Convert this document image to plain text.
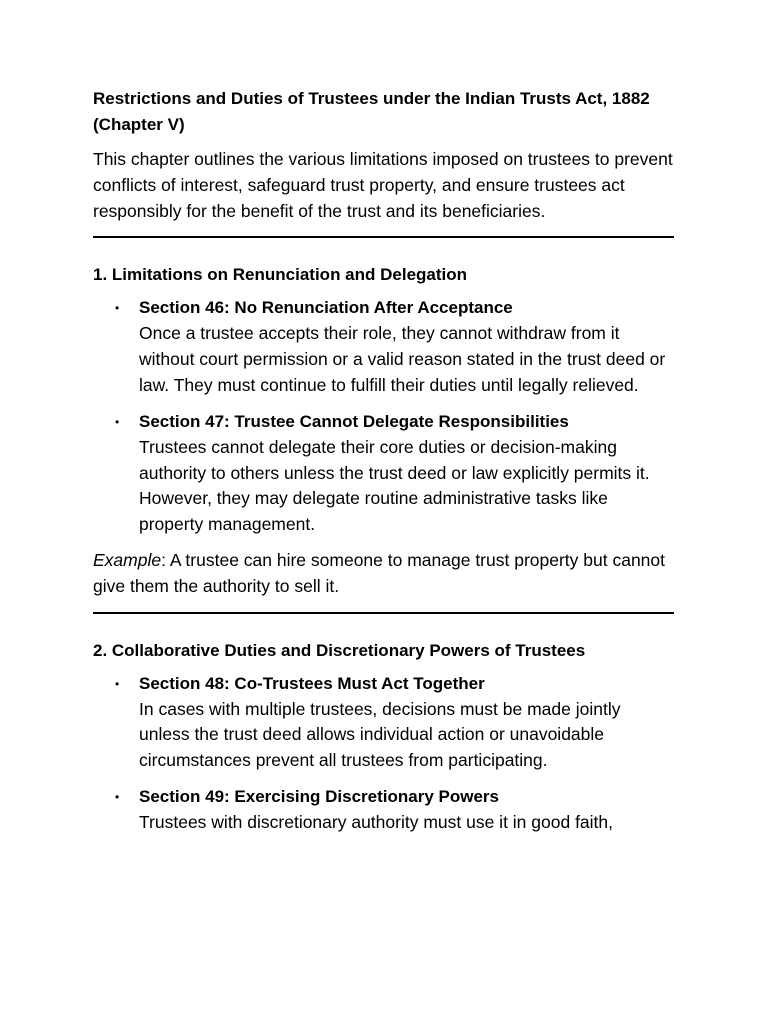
Restrictions and Duties of Trustees under the Indian Trusts Act, 1882 (Chapter V)

This chapter outlines the various limitations imposed on trustees to prevent conflicts of interest, safeguard trust property, and ensure trustees act responsibly for the benefit of the trust and its beneficiaries.

1. Limitations on Renunciation and Delegation
• Section 46: No Renunciation After Acceptance
Once a trustee accepts their role, they cannot withdraw from it without court permission or a valid reason stated in the trust deed or law. They must continue to fulfill their duties until legally relieved.
• Section 47: Trustee Cannot Delegate Responsibilities
Trustees cannot delegate their core duties or decision-making authority to others unless the trust deed or law explicitly permits it. However, they may delegate routine administrative tasks like property management.

Example: A trustee can hire someone to manage trust property but cannot give them the authority to sell it.

2. Collaborative Duties and Discretionary Powers of Trustees
• Section 48: Co-Trustees Must Act Together
In cases with multiple trustees, decisions must be made jointly unless the trust deed allows individual action or unavoidable circumstances prevent all trustees from participating.
• Section 49: Exercising Discretionary Powers
Trustees with discretionary authority must use it in good faith,
